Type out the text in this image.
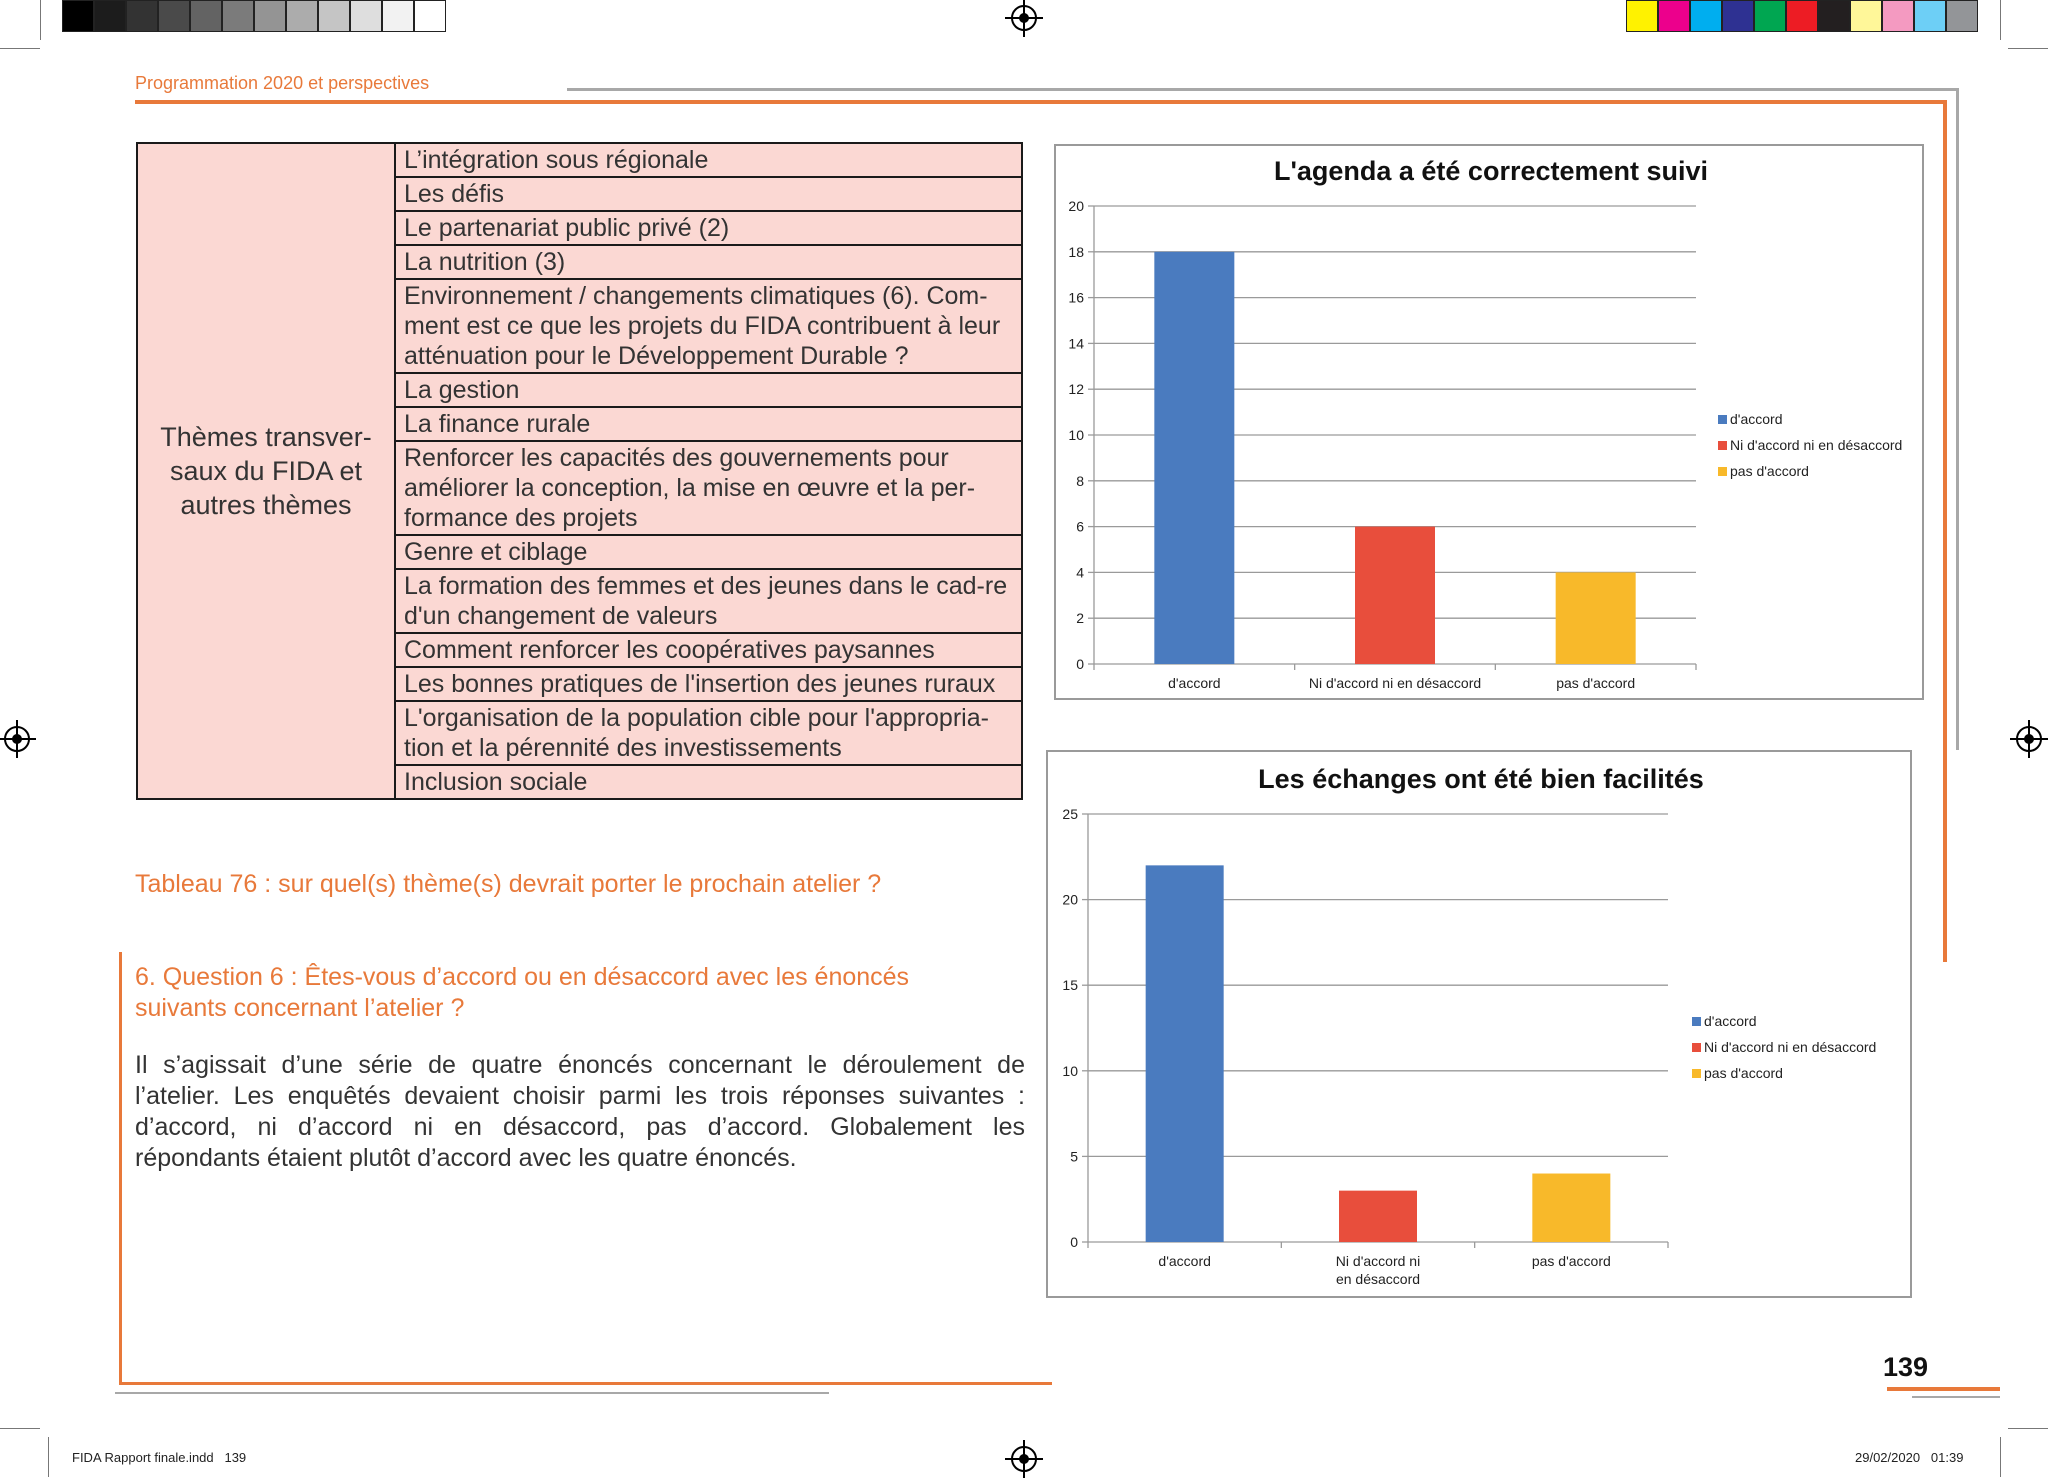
Programmation 2020 et perspectives
Thèmes transver-saux du FIDA et autres thèmes	L’intégration sous régionale
Les défis
Le partenariat public privé (2)
La nutrition (3)
Environnement / changements climatiques (6). Com-ment est ce que les projets du FIDA contribuent à leur atténuation pour le Développement Durable ?
La gestion
La finance rurale
Renforcer les capacités des gouvernements pour améliorer la conception, la mise en œuvre et la per-formance des projets
Genre et ciblage
La formation des femmes et des jeunes dans le cad-re d'un changement de valeurs
Comment renforcer les coopératives paysannes
Les bonnes pratiques de l'insertion des jeunes ruraux
L'organisation de la population cible pour l'appropria-tion et la pérennité des investissements
Inclusion sociale
Tableau 76 : sur quel(s) thème(s) devrait porter le prochain atelier ?
6. Question 6 : Êtes-vous d’accord ou en désaccord avec les énoncés suivants concernant l’atelier ?
Il s’agissait d’une série de quatre énoncés concernant le déroulement de l’atelier. Les enquêtés devaient choisir parmi les trois réponses suivantes : d’accord, ni d’accord ni en désaccord, pas d’accord. Globalement les répondants étaient plutôt d’accord avec les quatre énoncés.
L'agenda a été correctement suivi
0
2
4
6
8
10
12
14
16
18
20
d'accord	Ni d'accord ni en désaccord	pas d'accord
d'accord
Ni d'accord ni en désaccord
pas d'accord
Les échanges ont été bien facilités
0
5
10
15
20
25
d'accord	Ni d'accord ni en désaccord
pas d'accord
d'accord
Ni d'accord ni en désaccord
pas d'accord
139
FIDA Rapport finale.indd   139	29/02/2020   01:39
